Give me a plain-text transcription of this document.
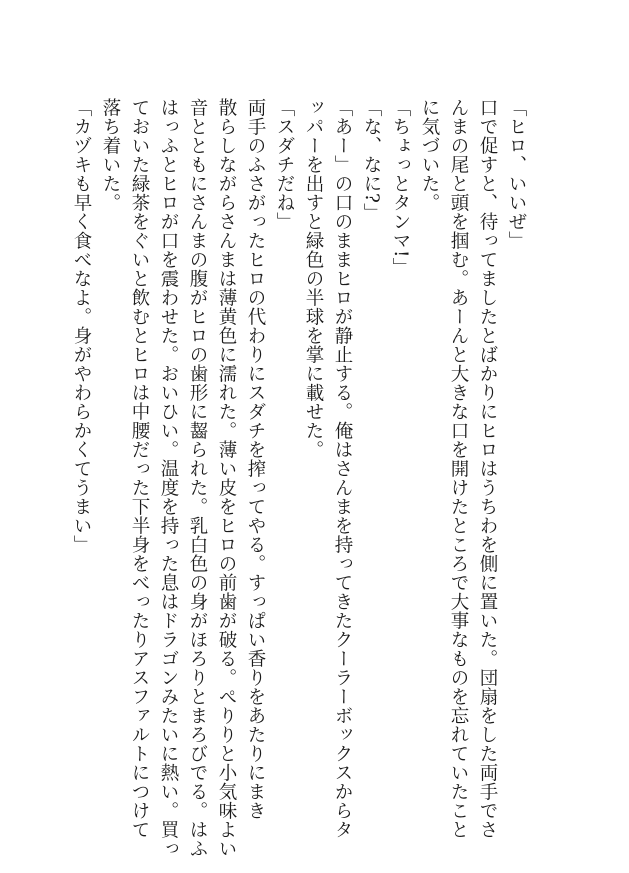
「ヒロ、いいぜ」

口で促すと、待ってましたとばかりにヒロはうちわを側に置いた。団扇をした両手でさ

んまの尾と頭を掴む。あーんと大きな口を開けたところで大事なものを忘れていたこと

に気づいた。

「ちょっとタンマ!」

「な、なに?」

「あー」の口のままヒロが静止する。俺はさんまを持ってきたクーラーボックスからタ

ッパーを出すと緑色の半球を掌に載せた。

「スダチだね」

両手のふさがったヒロの代わりにスダチを搾ってやる。すっぱい香りをあたりにまき

散らしながらさんまは薄黄色に濡れた。薄い皮をヒロの前歯が破る。ぺりりと小気味よい

音とともにさんまの腹がヒロの歯形に齧られた。乳白色の身がほろりとまろびでる。はふ

はっふとヒロが口を震わせた。おいひい。温度を持った息はドラゴンみたいに熱い。買っ

ておいた緑茶をぐいと飲むとヒロは中腰だった下半身をべったりアスファルトにつけて

落ち着いた。

「カヅキも早く食べなよ。身がやわらかくてうまい」
